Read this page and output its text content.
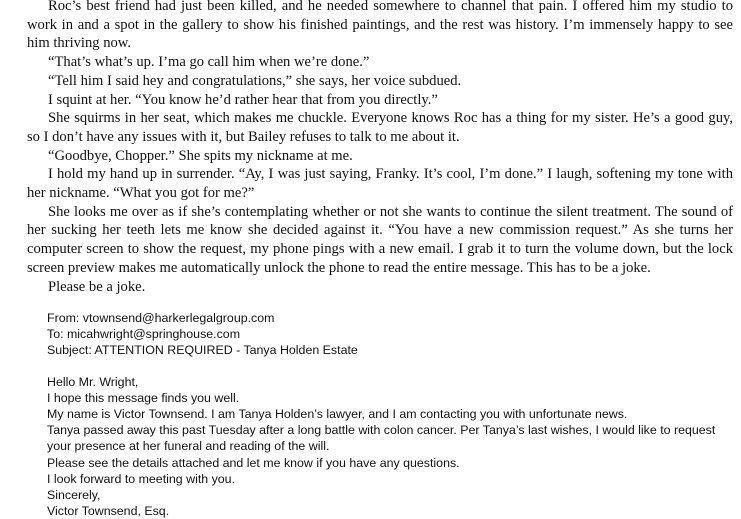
Roc’s best friend had just been killed, and he needed somewhere to channel that pain. I offered him my studio to work in and a spot in the gallery to show his finished paintings, and the rest was history. I’m immensely happy to see him thriving now.

“That’s what’s up. I’ma go call him when we’re done.”

“Tell him I said hey and congratulations,” she says, her voice subdued.

I squint at her. “You know he’d rather hear that from you directly.”

She squirms in her seat, which makes me chuckle. Everyone knows Roc has a thing for my sister. He’s a good guy, so I don’t have any issues with it, but Bailey refuses to talk to me about it.

“Goodbye, Chopper.” She spits my nickname at me.

I hold my hand up in surrender. “Ay, I was just saying, Franky. It’s cool, I’m done.” I laugh, softening my tone with her nickname. “What you got for me?”

She looks me over as if she’s contemplating whether or not she wants to continue the silent treatment. The sound of her sucking her teeth lets me know she decided against it. “You have a new commission request.” As she turns her computer screen to show the request, my phone pings with a new email. I grab it to turn the volume down, but the lock screen preview makes me automatically unlock the phone to read the entire message. This has to be a joke.

Please be a joke.

From: vtownsend@harkerlegalgroup.com

To: micahwright@springhouse.com

Subject: ATTENTION REQUIRED - Tanya Holden Estate

Hello Mr. Wright,

I hope this message finds you well.

My name is Victor Townsend. I am Tanya Holden’s lawyer, and I am contacting you with unfortunate news.

Tanya passed away this past Tuesday after a long battle with colon cancer. Per Tanya’s last wishes, I would like to request your presence at her funeral and reading of the will.

Please see the details attached and let me know if you have any questions.

I look forward to meeting with you.

Sincerely,

Victor Townsend, Esq.
